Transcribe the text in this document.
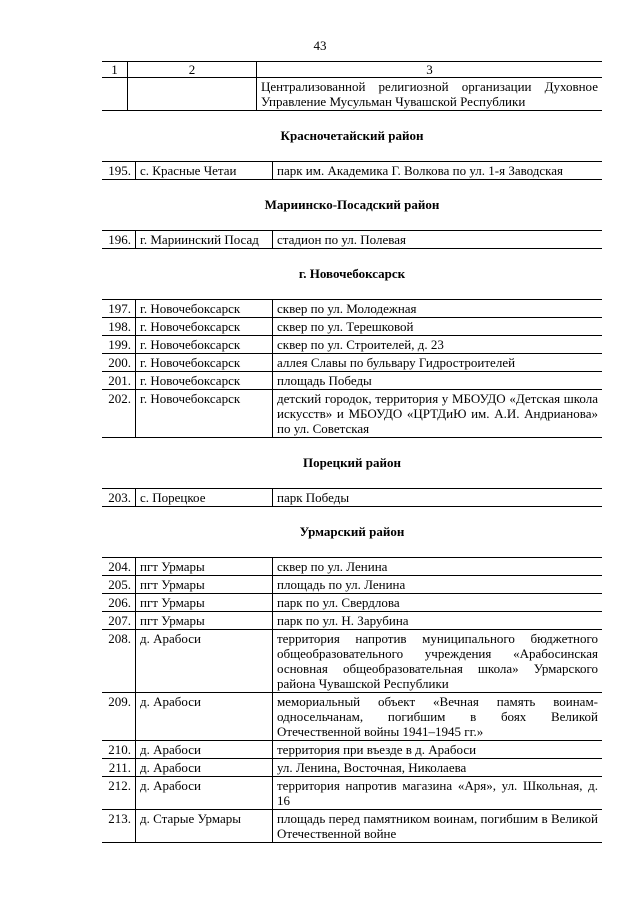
43
1	2	3
		Централизованной религиозной организации Духовное Управление Мусульман Чувашской Республики
Красночетайский район
195.	с. Красные Четаи	парк им. Академика Г. Волкова по ул. 1-я Заводская
Мариинско-Посадский район
196.	г. Мариинский Посад	стадион по ул. Полевая
г. Новочебоксарск
197.	г. Новочебоксарск	сквер по ул. Молодежная
198.	г. Новочебоксарск	сквер по ул. Терешковой
199.	г. Новочебоксарск	сквер по ул. Строителей, д. 23
200.	г. Новочебоксарск	аллея Славы по бульвару Гидростроителей
201.	г. Новочебоксарск	площадь Победы
202.	г. Новочебоксарск	детский городок, территория у МБОУДО «Детская школа искусств» и МБОУДО «ЦРТДиЮ им. А.И. Андрианова» по ул. Советская
Порецкий район
203.	с. Порецкое	парк Победы
Урмарский район
204.	пгт Урмары	сквер по ул. Ленина
205.	пгт Урмары	площадь по ул. Ленина
206.	пгт Урмары	парк по ул. Свердлова
207.	пгт Урмары	парк по ул. Н. Зарубина
208.	д. Арабоси	территория напротив муниципального бюджетного общеобразовательного учреждения «Арабосинская основная общеобразовательная школа» Урмарского района Чувашской Республики
209.	д. Арабоси	мемориальный объект «Вечная память воинам-односельчанам, погибшим в боях Великой Отечественной войны 1941–1945 гг.»
210.	д. Арабоси	территория при въезде в д. Арабоси
211.	д. Арабоси	ул. Ленина, Восточная, Николаева
212.	д. Арабоси	территория напротив магазина «Аря», ул. Школьная, д. 16
213.	д. Старые Урмары	площадь перед памятником воинам, погибшим в Великой Отечественной войне
